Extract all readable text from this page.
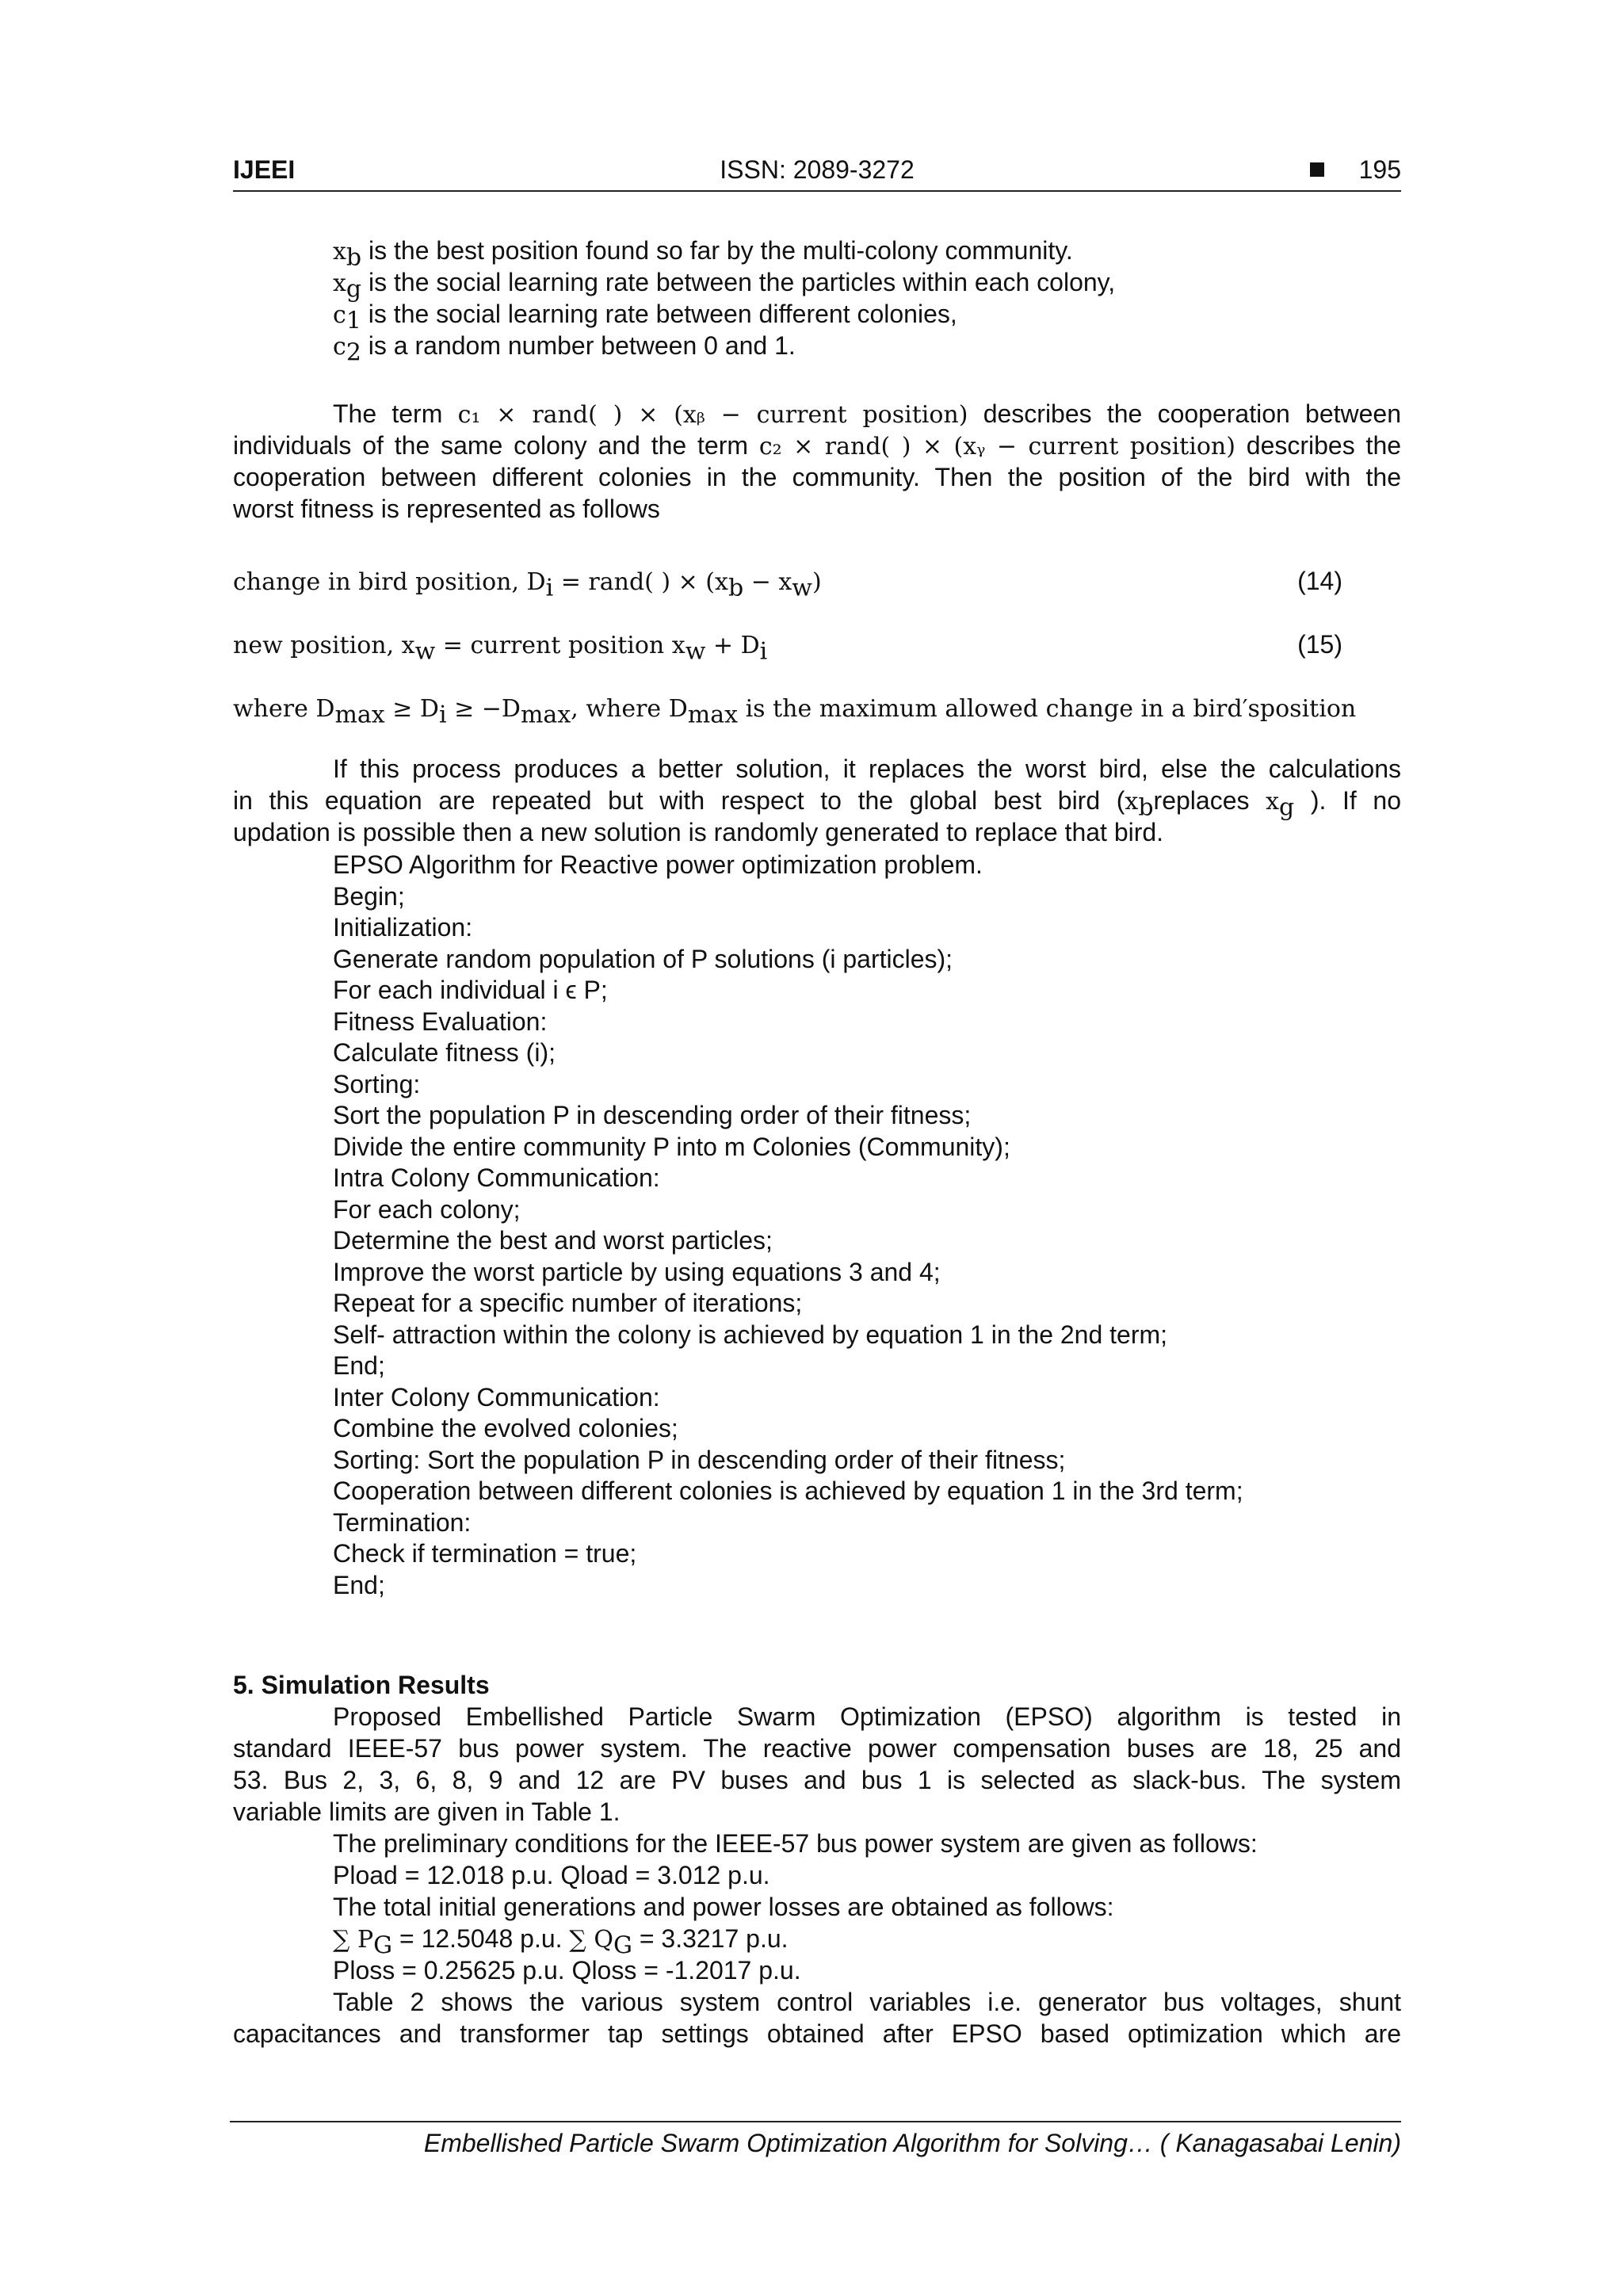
IJEEI	ISSN: 2089-3272	195
$x_b$ is the best position found so far by the multi-colony community.
$x_g$ is the social learning rate between the particles within each colony,
$c_1$ is the social learning rate between different colonies,
$c_2$ is a random number between 0 and 1.
The term c₁ × rand( ) × (xᵦ − current position) describes the cooperation between
individuals of the same colony and the term c₂ × rand( ) × (xᵧ − current position) describes the
cooperation between different colonies in the community. Then the position of the bird with the
worst fitness is represented as follows
change in bird position, $D_i$ = rand( ) × $(x_b - x_w)$	(14)
new position, $x_w$ = current position $x_w + D_i$	(15)
where $D_{max} \ge D_i \ge -D_{max}$, where $D_{max}$ is the maximum allowed change in a bird′sposition
If this process produces a better solution, it replaces the worst bird, else the calculations
in this equation are repeated but with respect to the global best bird ($x_breplaces$ $x_g$ ). If no
updation is possible then a new solution is randomly generated to replace that bird.
EPSO Algorithm for Reactive power optimization problem.
Begin;
Initialization:
Generate random population of P solutions (i particles);
For each individual i ϵ P;
Fitness Evaluation:
Calculate fitness (i);
Sorting:
Sort the population P in descending order of their fitness;
Divide the entire community P into m Colonies (Community);
Intra Colony Communication:
For each colony;
Determine the best and worst particles;
Improve the worst particle by using equations 3 and 4;
Repeat for a specific number of iterations;
Self- attraction within the colony is achieved by equation 1 in the 2nd term;
End;
Inter Colony Communication:
Combine the evolved colonies;
Sorting: Sort the population P in descending order of their fitness;
Cooperation between different colonies is achieved by equation 1 in the 3rd term;
Termination:
Check if termination = true;
End;
5. Simulation Results
Proposed Embellished Particle Swarm Optimization (EPSO) algorithm is tested in
standard IEEE-57 bus power system. The reactive power compensation buses are 18, 25 and
53. Bus 2, 3, 6, 8, 9 and 12 are PV buses and bus 1 is selected as slack-bus. The system
variable limits are given in Table 1.
The preliminary conditions for the IEEE-57 bus power system are given as follows:
Pload = 12.018 p.u. Qload = 3.012 p.u.
The total initial generations and power losses are obtained as follows:
∑ $P_G = 12.5048$ p.u. ∑ $Q_G = 3.3217$ p.u.
Ploss = 0.25625 p.u. Qloss = -1.2017 p.u.
Table 2 shows the various system control variables i.e. generator bus voltages, shunt
capacitances and transformer tap settings obtained after EPSO based optimization which are
Embellished Particle Swarm Optimization Algorithm for Solving… ( Kanagasabai Lenin)
